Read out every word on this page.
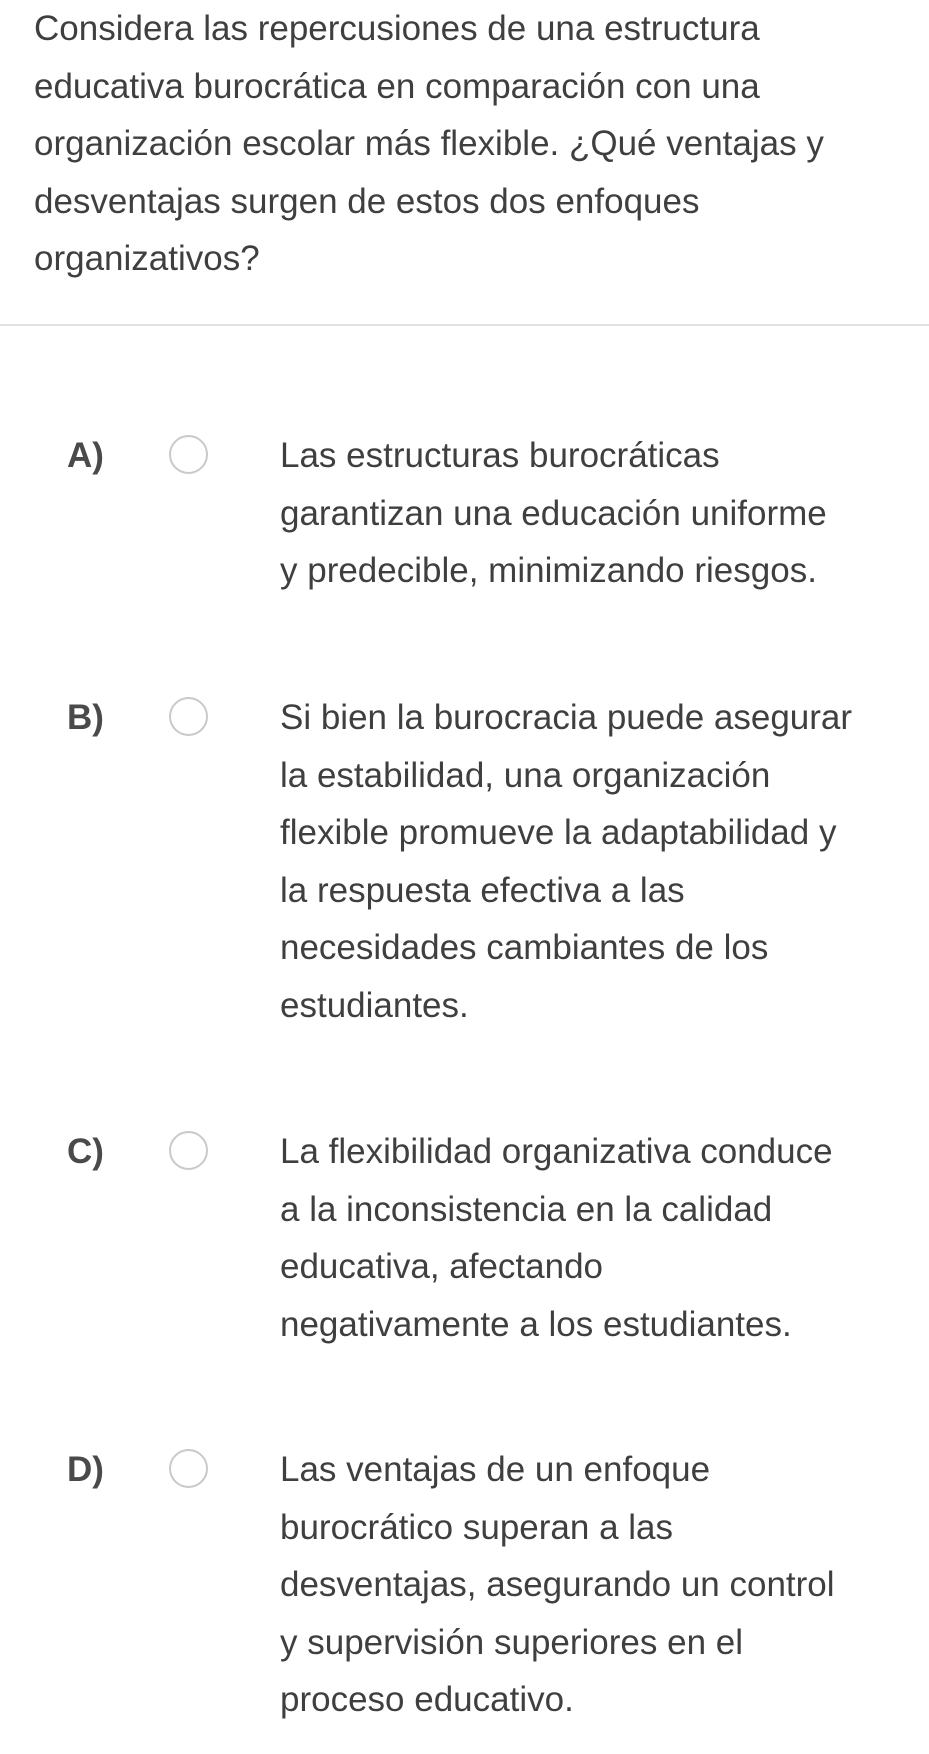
Considera las repercusiones de una estructura
educativa burocrática en comparación con una
organización escolar más flexible. ¿Qué ventajas y
desventajas surgen de estos dos enfoques
organizativos?
A)	Las estructuras burocráticas
garantizan una educación uniforme
y predecible, minimizando riesgos.
B)	Si bien la burocracia puede asegurar
la estabilidad, una organización
flexible promueve la adaptabilidad y
la respuesta efectiva a las
necesidades cambiantes de los
estudiantes.
C)	La flexibilidad organizativa conduce
a la inconsistencia en la calidad
educativa, afectando
negativamente a los estudiantes.
D)	Las ventajas de un enfoque
burocrático superan a las
desventajas, asegurando un control
y supervisión superiores en el
proceso educativo.
